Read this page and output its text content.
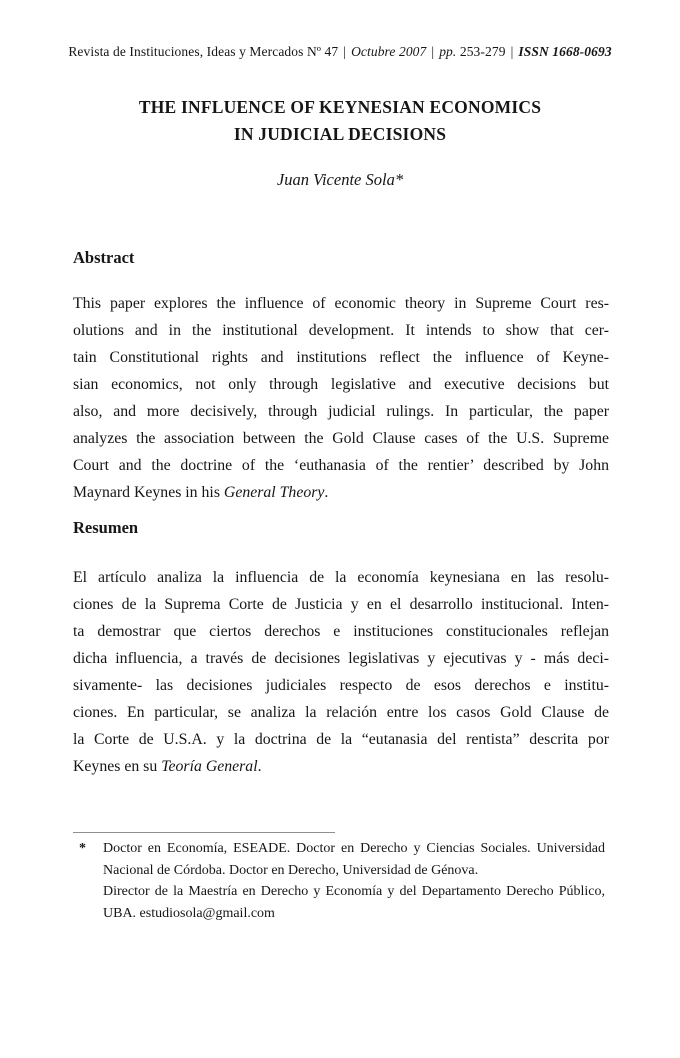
Revista de Instituciones, Ideas y Mercados Nº 47 | Octubre 2007 | pp. 253-279 | ISSN 1668-0693
THE INFLUENCE OF KEYNESIAN ECONOMICS
IN JUDICIAL DECISIONS
Juan Vicente Sola*
Abstract
This paper explores the influence of economic theory in Supreme Court res-
olutions and in the institutional development. It intends to show that cer-
tain Constitutional rights and institutions reflect the influence of Keyne-
sian economics, not only through legislative and executive decisions but
also, and more decisively, through judicial rulings. In particular, the paper
analyzes the association between the Gold Clause cases of the U.S. Supreme
Court and the doctrine of the ‘euthanasia of the rentier’ described by John
Maynard Keynes in his General Theory.
Resumen
El artículo analiza la influencia de la economía keynesiana en las resolu-
ciones de la Suprema Corte de Justicia y en el desarrollo institucional. Inten-
ta demostrar que ciertos derechos e instituciones constitucionales reflejan
dicha influencia, a través de decisiones legislativas y ejecutivas y - más deci-
sivamente- las decisiones judiciales respecto de esos derechos e institu-
ciones. En particular, se analiza la relación entre los casos Gold Clause de
la Corte de U.S.A. y la doctrina de la “eutanasia del rentista” descrita por
Keynes en su Teoría General.
* Doctor en Economía, ESEADE. Doctor en Derecho y Ciencias Sociales. Universidad
Nacional de Córdoba. Doctor en Derecho, Universidad de Génova.
Director de la Maestría en Derecho y Economía y del Departamento Derecho Público,
UBA. estudiosola@gmail.com
